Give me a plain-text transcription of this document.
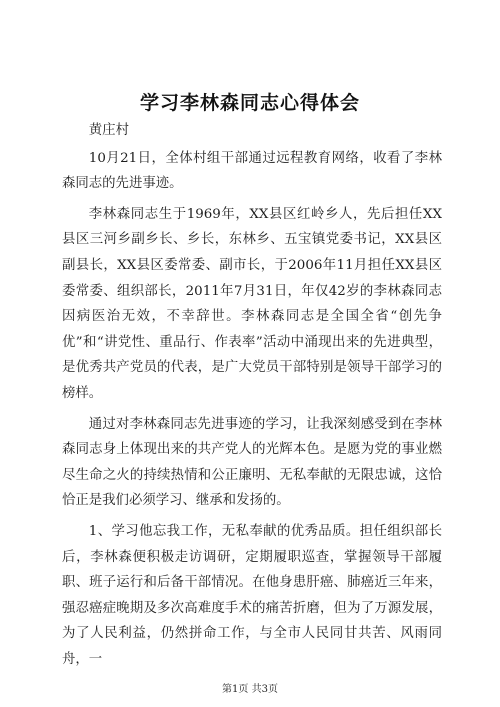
学习李林森同志心得体会

黄庄村

10月21日，全体村组干部通过远程教育网络，收看了李林森同志的先进事迹。

李林森同志生于1969年，XX县区红岭乡人，先后担任XX县区三河乡副乡长、乡长，东林乡、五宝镇党委书记，XX县区副县长，XX县区委常委、副市长，于2006年11月担任XX县区委常委、组织部长，2011年7月31日，年仅42岁的李林森同志因病医治无效，不幸辞世。李林森同志是全国全省“创先争优”和“讲党性、重品行、作表率”活动中涌现出来的先进典型，是优秀共产党员的代表，是广大党员干部特别是领导干部学习的榜样。

通过对李林森同志先进事迹的学习，让我深刻感受到在李林森同志身上体现出来的共产党人的光辉本色。是愿为党的事业燃尽生命之火的持续热情和公正廉明、无私奉献的无限忠诚，这恰恰正是我们必须学习、继承和发扬的。

1、学习他忘我工作，无私奉献的优秀品质。担任组织部长后，李林森便积极走访调研，定期履职巡查，掌握领导干部履职、班子运行和后备干部情况。在他身患肝癌、肺癌近三年来，强忍癌症晚期及多次高难度手术的痛苦折磨，但为了万源发展，为了人民利益，仍然拼命工作，与全市人民同甘共苦、风雨同舟，一

第1页 共3页
